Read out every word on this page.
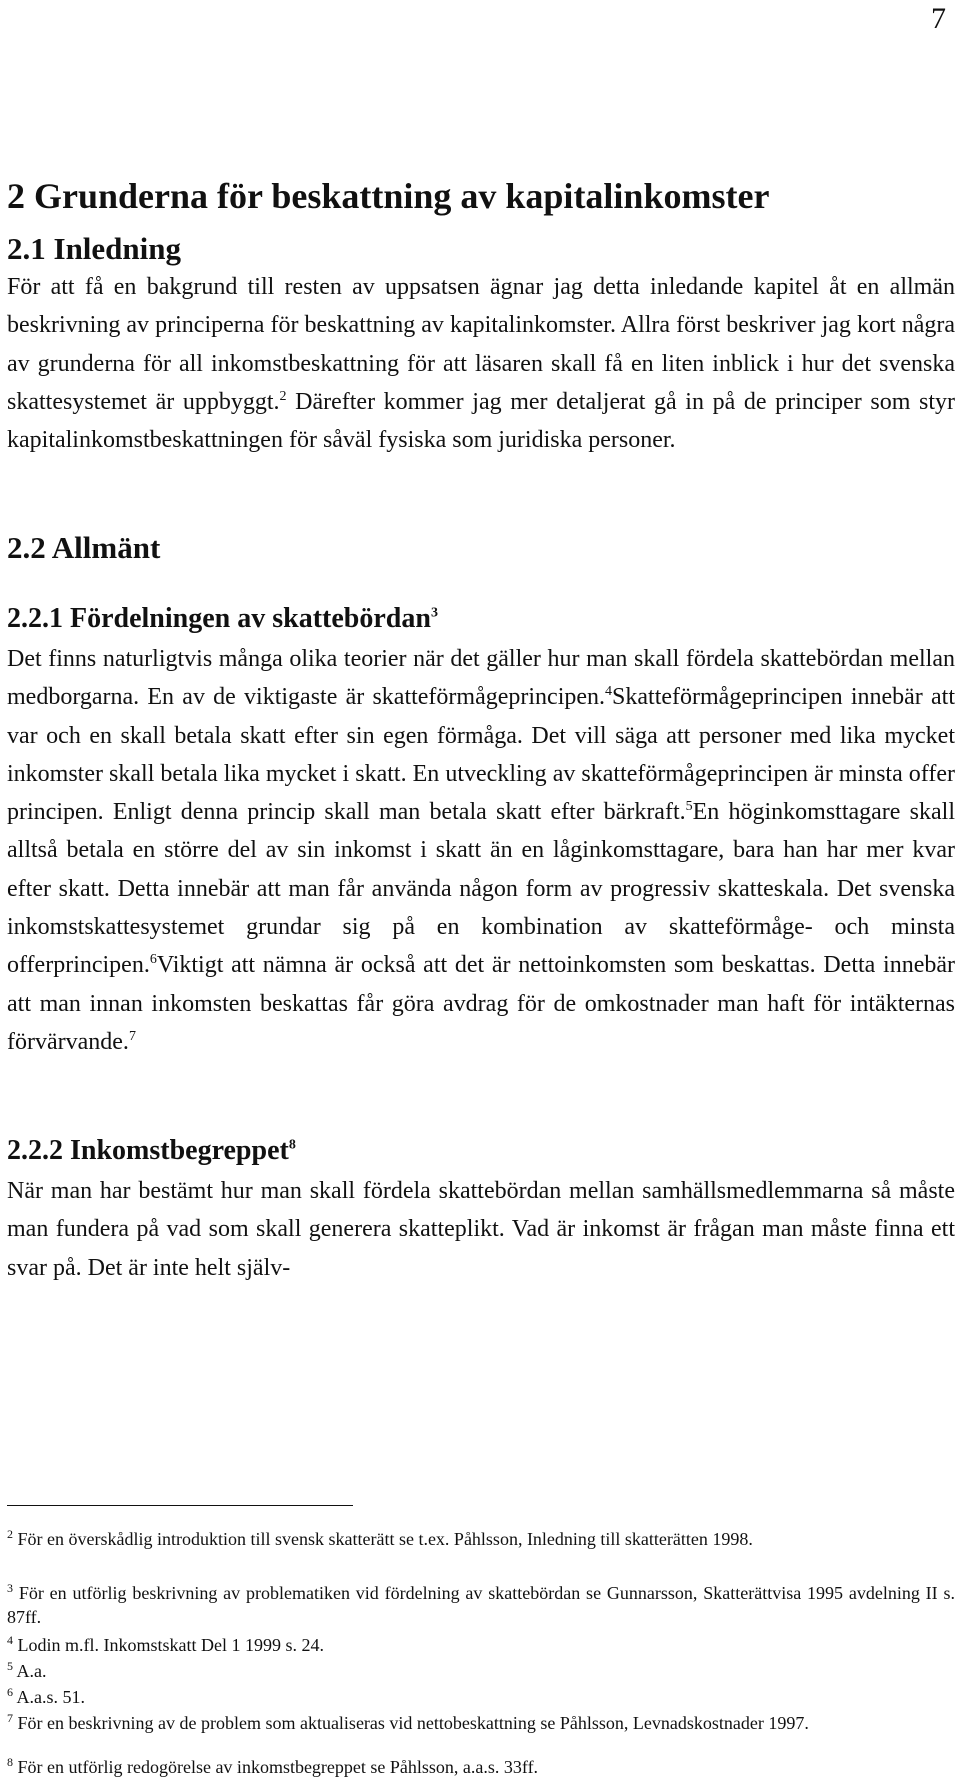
7
2 Grunderna för beskattning av kapitalinkomster
2.1 Inledning

För att få en bakgrund till resten av uppsatsen ägnar jag detta inledande kapitel åt en allmän beskrivning av principerna för beskattning av kapitalinkomster. Allra först beskriver jag kort några av grunderna för all inkomstbeskattning för att läsaren skall få en liten inblick i hur det svenska skattesystemet är uppbyggt.$^2$ Därefter kommer jag mer detaljerat gå in på de principer som styr kapitalinkomstbeskattningen för såväl fysiska som juridiska personer.

2.2 Allmänt
2.2.1 Fördelningen av skattebördan$^3$

Det finns naturligtvis många olika teorier när det gäller hur man skall fördela skattebördan mellan medborgarna. En av de viktigaste är skatteförmågeprincipen.$^4$Skatteförmågeprincipen innebär att var och en skall betala skatt efter sin egen förmåga. Det vill säga att personer med lika mycket inkomster skall betala lika mycket i skatt. En utveckling av skatteförmågeprincipen är minsta offer principen. Enligt denna princip skall man betala skatt efter bärkraft.$^5$En höginkomsttagare skall alltså betala en större del av sin inkomst i skatt än en låginkomsttagare, bara han har mer kvar efter skatt. Detta innebär att man får använda någon form av progressiv skatteskala. Det svenska inkomstskattesystemet grundar sig på en kombination av skatteförmåge- och minsta offerprincipen.$^6$Viktigt att nämna är också att det är nettoinkomsten som beskattas. Detta innebär att man innan inkomsten beskattas får göra avdrag för de omkostnader man haft för intäkternas förvärvande.$^7$

2.2.2 Inkomstbegreppet$^8$

När man har bestämt hur man skall fördela skattebördan mellan samhällsmedlemmarna så måste man fundera på vad som skall generera skatteplikt. Vad är inkomst är frågan man måste finna ett svar på. Det är inte helt själv-

$^2$ För en överskådlig introduktion till svensk skatterätt se t.ex. Påhlsson, Inledning till skatterätten 1998.

$^3$ För en utförlig beskrivning av problematiken vid fördelning av skattebördan se Gunnarsson, Skatterättvisa 1995 avdelning II s. 87ff.

$^4$ Lodin m.fl. Inkomstskatt Del 1 1999 s. 24.

$^5$ A.a.

$^6$ A.a.s. 51.

$^7$ För en beskrivning av de problem som aktualiseras vid nettobeskattning se Påhlsson, Levnadskostnader 1997.

$^8$ För en utförlig redogörelse av inkomstbegreppet se Påhlsson, a.a.s. 33ff.
